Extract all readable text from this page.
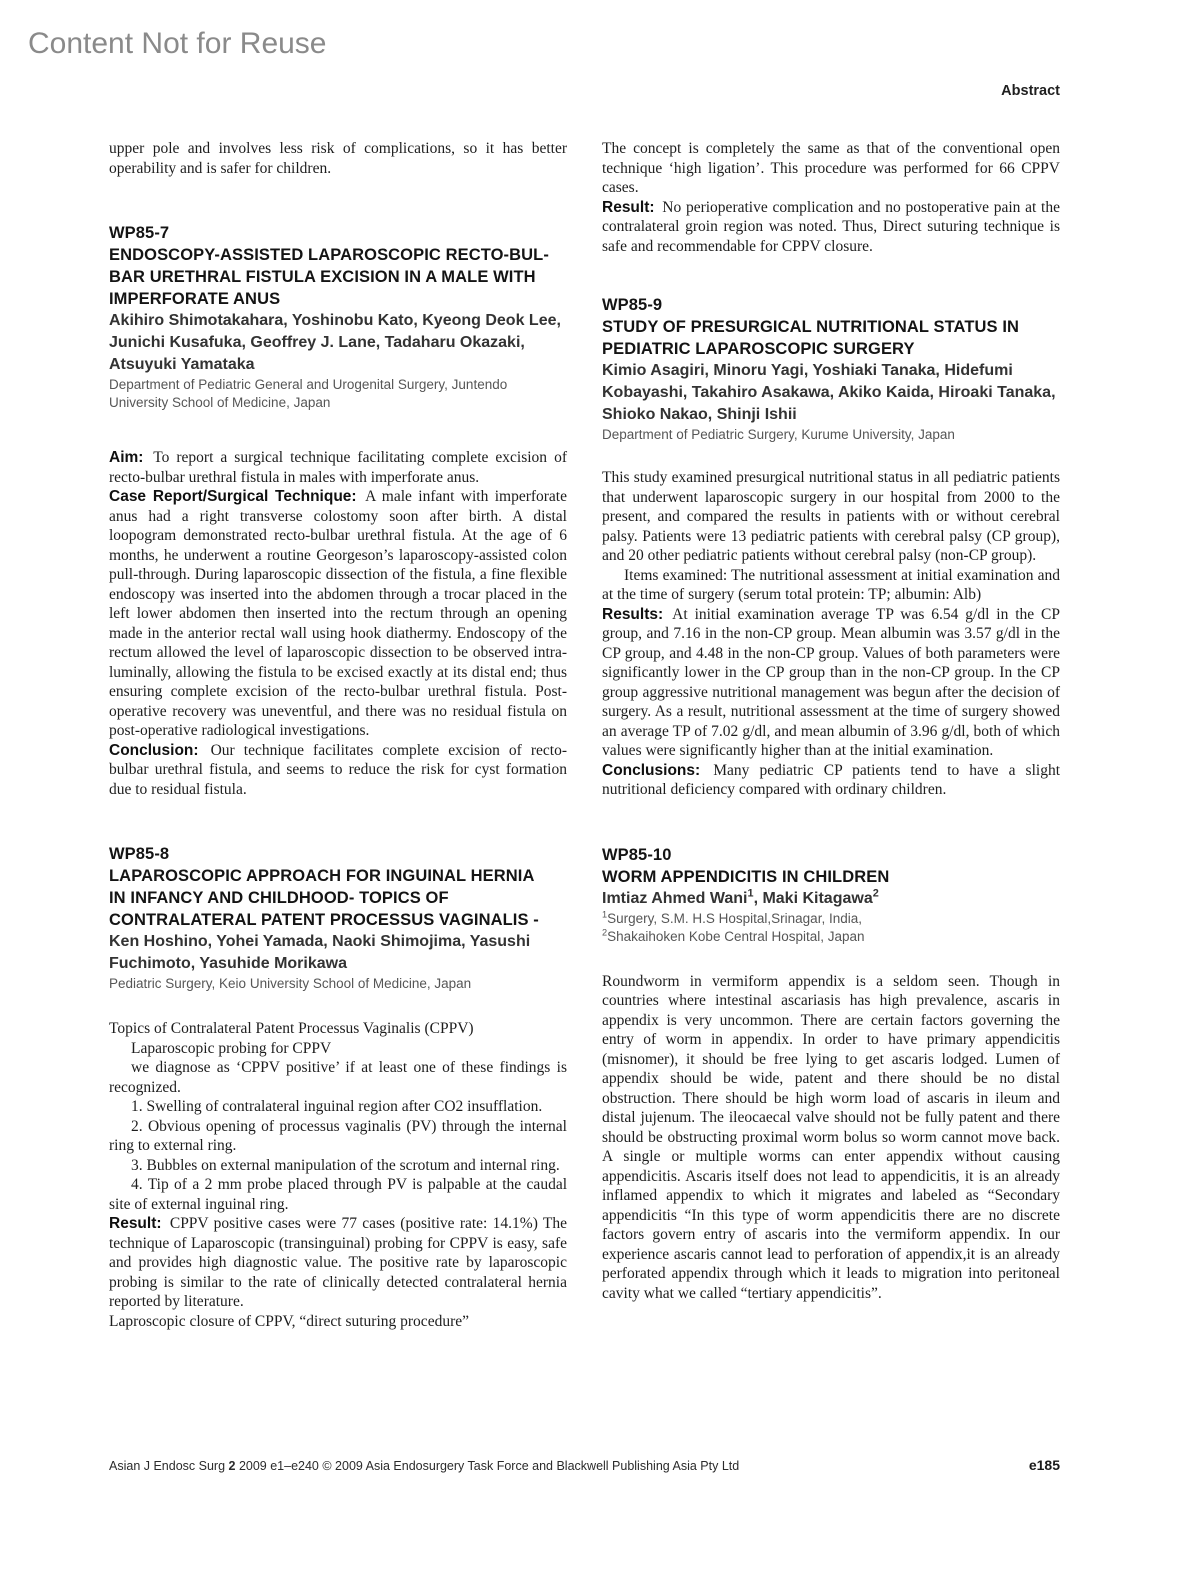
Content Not for Reuse
Abstract

upper pole and involves less risk of complications, so it has better operability and is safer for children.

WP85-7
ENDOSCOPY-ASSISTED LAPAROSCOPIC RECTO-BUL-
BAR URETHRAL FISTULA EXCISION IN A MALE WITH
IMPERFORATE ANUS
Akihiro Shimotakahara, Yoshinobu Kato, Kyeong Deok Lee, Junichi Kusafuka, Geoffrey J. Lane, Tadaharu Okazaki, Atsuyuki Yamataka
Department of Pediatric General and Urogenital Surgery, Juntendo University School of Medicine, Japan

Aim: To report a surgical technique facilitating complete excision of recto-bulbar urethral fistula in males with imperforate anus.

Case Report/Surgical Technique: A male infant with imperforate anus had a right transverse colostomy soon after birth. A distal loopogram demonstrated recto-bulbar urethral fistula. At the age of 6 months, he underwent a routine Georgeson’s laparoscopy-assisted colon pull-through. During laparoscopic dissection of the fistula, a fine flexible endoscopy was inserted into the abdomen through a trocar placed in the left lower abdomen then inserted into the rectum through an opening made in the anterior rectal wall using hook diathermy. Endoscopy of the rectum allowed the level of laparoscopic dissection to be observed intra-luminally, allowing the fistula to be excised exactly at its distal end; thus ensuring complete excision of the recto-bulbar urethral fistula. Post-operative recovery was uneventful, and there was no residual fistula on post-operative radiological investigations.

Conclusion: Our technique facilitates complete excision of recto-bulbar urethral fistula, and seems to reduce the risk for cyst formation due to residual fistula.

WP85-8
LAPAROSCOPIC APPROACH FOR INGUINAL HERNIA
IN INFANCY AND CHILDHOOD- TOPICS OF
CONTRALATERAL PATENT PROCESSUS VAGINALIS -
Ken Hoshino, Yohei Yamada, Naoki Shimojima, Yasushi Fuchimoto, Yasuhide Morikawa
Pediatric Surgery, Keio University School of Medicine, Japan

Topics of Contralateral Patent Processus Vaginalis (CPPV)

Laparoscopic probing for CPPV

we diagnose as ‘CPPV positive’ if at least one of these findings is recognized.

1. Swelling of contralateral inguinal region after CO2 insufflation.

2. Obvious opening of processus vaginalis (PV) through the internal ring to external ring.

3. Bubbles on external manipulation of the scrotum and internal ring.

4. Tip of a 2 mm probe placed through PV is palpable at the caudal site of external inguinal ring.

Result: CPPV positive cases were 77 cases (positive rate: 14.1%) The technique of Laparoscopic (transinguinal) probing for CPPV is easy, safe and provides high diagnostic value. The positive rate by laparoscopic probing is similar to the rate of clinically detected contralateral hernia reported by literature.

Laproscopic closure of CPPV, “direct suturing procedure”

The concept is completely the same as that of the conventional open technique ‘high ligation’. This procedure was performed for 66 CPPV cases.

Result: No perioperative complication and no postoperative pain at the contralateral groin region was noted. Thus, Direct suturing technique is safe and recommendable for CPPV closure.

WP85-9
STUDY OF PRESURGICAL NUTRITIONAL STATUS IN
PEDIATRIC LAPAROSCOPIC SURGERY
Kimio Asagiri, Minoru Yagi, Yoshiaki Tanaka, Hidefumi Kobayashi, Takahiro Asakawa, Akiko Kaida, Hiroaki Tanaka, Shioko Nakao, Shinji Ishii
Department of Pediatric Surgery, Kurume University, Japan

This study examined presurgical nutritional status in all pediatric patients that underwent laparoscopic surgery in our hospital from 2000 to the present, and compared the results in patients with or without cerebral palsy. Patients were 13 pediatric patients with cerebral palsy (CP group), and 20 other pediatric patients without cerebral palsy (non-CP group).

Items examined: The nutritional assessment at initial examination and at the time of surgery (serum total protein: TP; albumin: Alb)

Results: At initial examination average TP was 6.54 g/dl in the CP group, and 7.16 in the non-CP group. Mean albumin was 3.57 g/dl in the CP group, and 4.48 in the non-CP group. Values of both parameters were significantly lower in the CP group than in the non-CP group. In the CP group aggressive nutritional management was begun after the decision of surgery. As a result, nutritional assessment at the time of surgery showed an average TP of 7.02 g/dl, and mean albumin of 3.96 g/dl, both of which values were significantly higher than at the initial examination.

Conclusions: Many pediatric CP patients tend to have a slight nutritional deficiency compared with ordinary children.

WP85-10
WORM APPENDICITIS IN CHILDREN
Imtiaz Ahmed Wani$^1$, Maki Kitagawa$^2$
$^1$Surgery, S.M. H.S Hospital,Srinagar, India,
$^2$Shakaihoken Kobe Central Hospital, Japan

Roundworm in vermiform appendix is a seldom seen. Though in countries where intestinal ascariasis has high prevalence, ascaris in appendix is very uncommon. There are certain factors governing the entry of worm in appendix. In order to have primary appendicitis (misnomer), it should be free lying to get ascaris lodged. Lumen of appendix should be wide, patent and there should be no distal obstruction. There should be high worm load of ascaris in ileum and distal jujenum. The ileocaecal valve should not be fully patent and there should be obstructing proximal worm bolus so worm cannot move back. A single or multiple worms can enter appendix without causing appendicitis. Ascaris itself does not lead to appendicitis, it is an already inflamed appendix to which it migrates and labeled as “Secondary appendicitis “In this type of worm appendicitis there are no discrete factors govern entry of ascaris into the vermiform appendix. In our experience ascaris cannot lead to perforation of appendix,it is an already perforated appendix through which it leads to migration into peritoneal cavity what we called “tertiary appendicitis”.

Asian J Endosc Surg 2 2009 e1–e240 © 2009 Asia Endosurgery Task Force and Blackwell Publishing Asia Pty Ltd	e185
